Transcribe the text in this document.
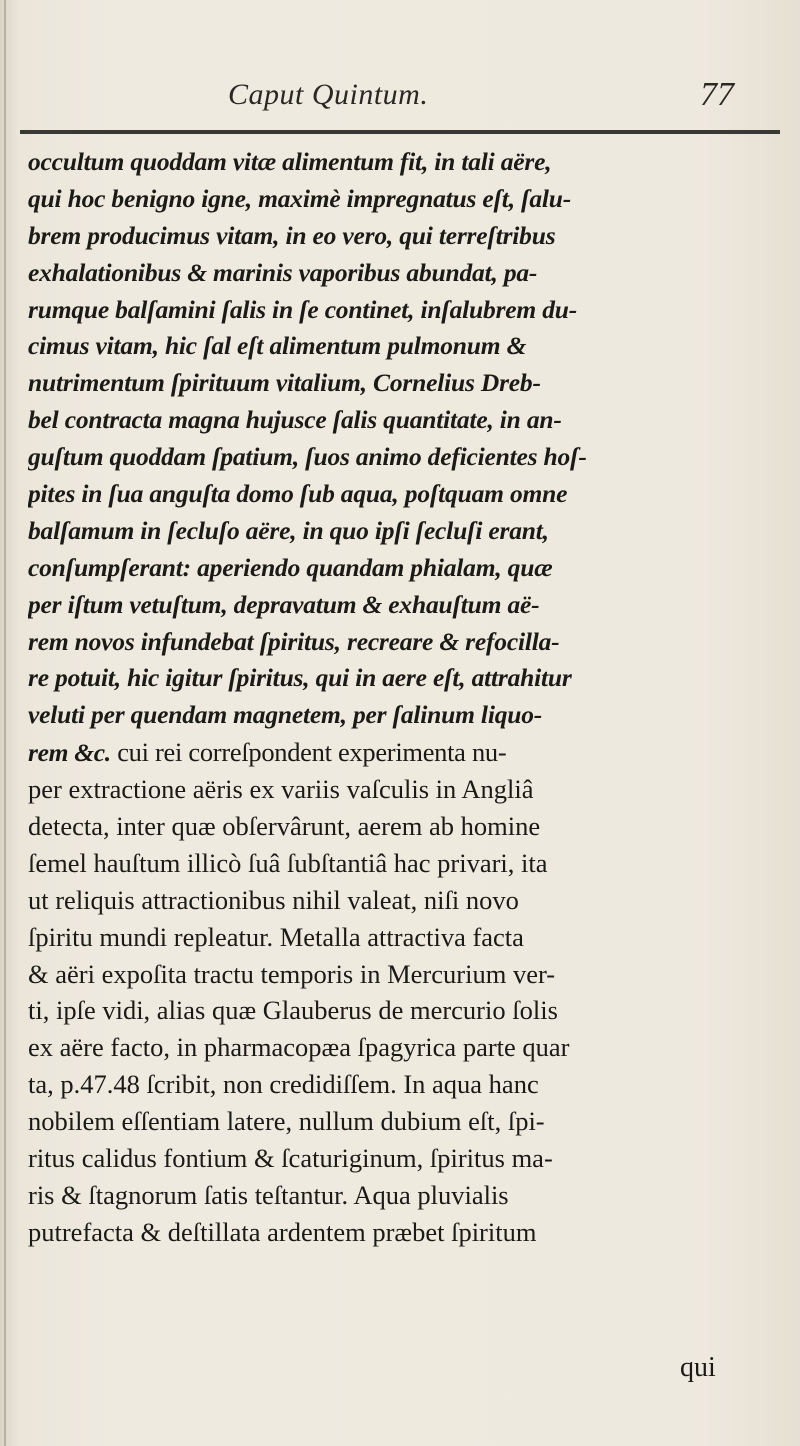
Caput Quintum.	77
occultum quoddam vitæ alimentum fit, in tali aëre,
qui hoc benigno igne, maximè impregnatus eſt, ſalu-
brem producimus vitam, in eo vero, qui terreſtribus
exhalationibus & marinis vaporibus abundat, pa-
rumque balſamini ſalis in ſe continet, inſalubrem du-
cimus vitam, hic ſal eſt alimentum pulmonum &
nutrimentum ſpirituum vitalium, Cornelius Dreb-
bel contracta magna hujusce ſalis quantitate, in an-
guſtum quoddam ſpatium, ſuos animo deficientes hoſ-
pites in ſua anguſta domo ſub aqua, poſtquam omne
balſamum in ſecluſo aëre, in quo ipſi ſecluſi erant,
conſumpſerant: aperiendo quandam phialam, quæ
per iſtum vetuſtum, depravatum & exhauſtum aë-
rem novos infundebat ſpiritus, recreare & refocilla-
re potuit, hic igitur ſpiritus, qui in aere eſt, attrahitur
veluti per quendam magnetem, per ſalinum liquo-
rem &c. cui rei correſpondent experimenta nu-
per extractione aëris ex variis vaſculis in Angliâ
detecta, inter quæ obſervârunt, aerem ab homine
ſemel hauſtum illicò ſuâ ſubſtantiâ hac privari, ita
ut reliquis attractionibus nihil valeat, niſi novo
ſpiritu mundi repleatur. Metalla attractiva facta
& aëri expoſita tractu temporis in Mercurium ver-
ti, ipſe vidi, alias quæ Glauberus de mercurio ſolis
ex aëre facto, in pharmacopæa ſpagyrica parte quar
ta, p.47.48 ſcribit, non credidiſſem. In aqua hanc
nobilem eſſentiam latere, nullum dubium eſt, ſpi-
ritus calidus fontium & ſcaturiginum, ſpiritus ma-
ris & ſtagnorum ſatis teſtantur. Aqua pluvialis
putrefacta & deſtillata ardentem præbet ſpiritum
qui
